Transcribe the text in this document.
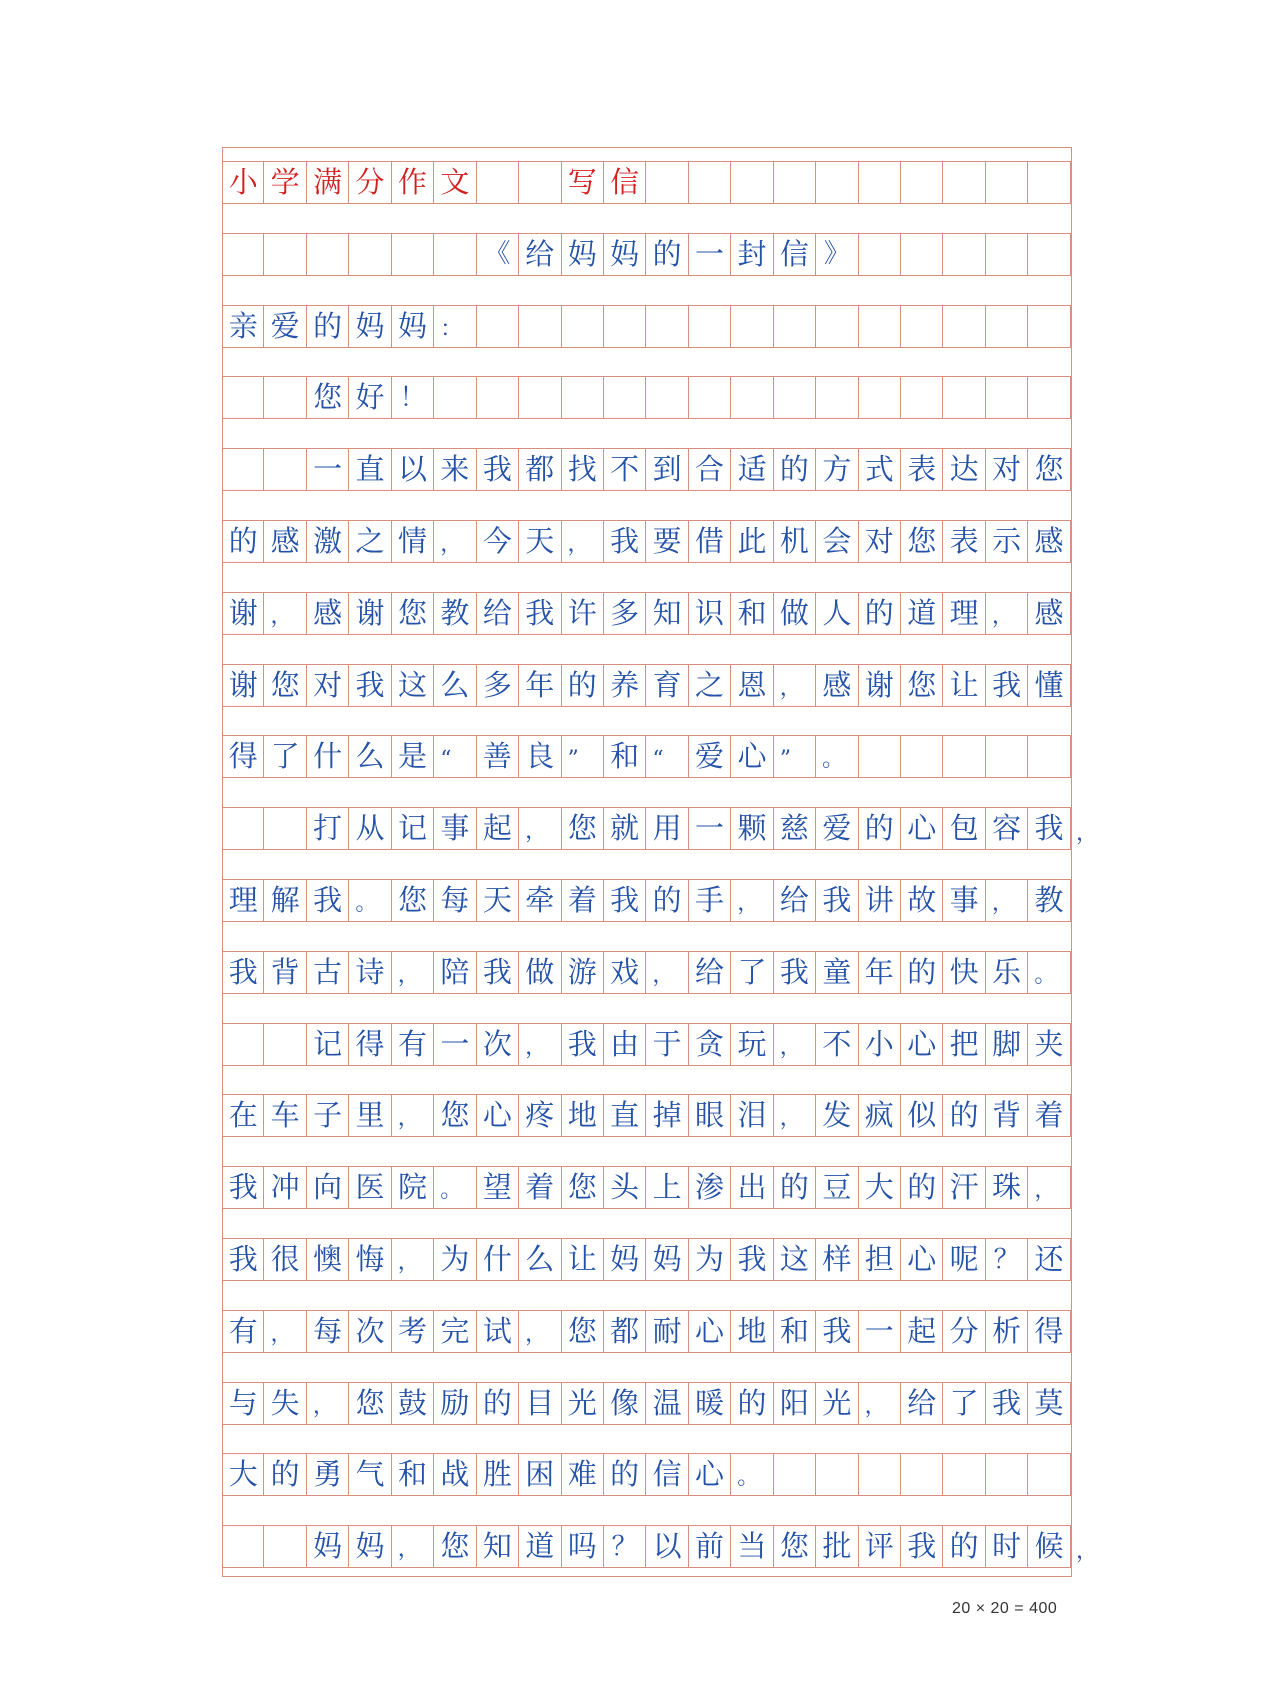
小 学 满 分 作 文	写 信
《 给 妈 妈 的 一 封 信 》
亲 爱 的 妈 妈 ：
您 好 ！
一 直 以 来 我 都 找 不 到 合 适 的 方 式 表 达 对 您
的 感 激 之 情 ， 今 天 ， 我 要 借 此 机 会 对 您 表 示 感
谢 ， 感 谢 您 教 给 我 许 多 知 识 和 做 人 的 道 理 ， 感
谢 您 对 我 这 么 多 年 的 养 育 之 恩 ， 感 谢 您 让 我 懂
得 了 什 么 是 “	善 良 ”	和 “	爱 心 ”	。
打 从 记 事 起 ， 您 就 用 一 颗 慈 爱 的 心 包 容 我
理 解 我 。 您 每 天 牵 着 我 的 手 ， 给 我 讲 故 事 ， 教
我 背 古 诗 ， 陪 我 做 游 戏 ， 给 了 我 童 年 的 快 乐 。
记 得 有 一 次 ， 我 由 于 贪 玩 ， 不 小 心 把 脚 夹
在 车 子 里 ， 您 心 疼 地 直 掉 眼 泪 ， 发 疯 似 的 背 着
我 冲 向 医 院 。 望 着 您 头 上 渗 出 的 豆 大 的 汗 珠 ，
我 很 懊 悔 ， 为 什 么 让 妈 妈 为 我 这 样 担 心 呢 ？ 还
有 ， 每 次 考 完 试 ， 您 都 耐 心 地 和 我 一 起 分 析 得
与 失 ， 您 鼓 励 的 目 光 像 温 暖 的 阳 光 ， 给 了 我 莫
大 的 勇 气 和 战 胜 困 难 的 信 心 。
妈 妈 ， 您 知 道 吗 ？ 以 前 当 您 批 评 我 的 时 候
20 × 20 = 400
，
，
